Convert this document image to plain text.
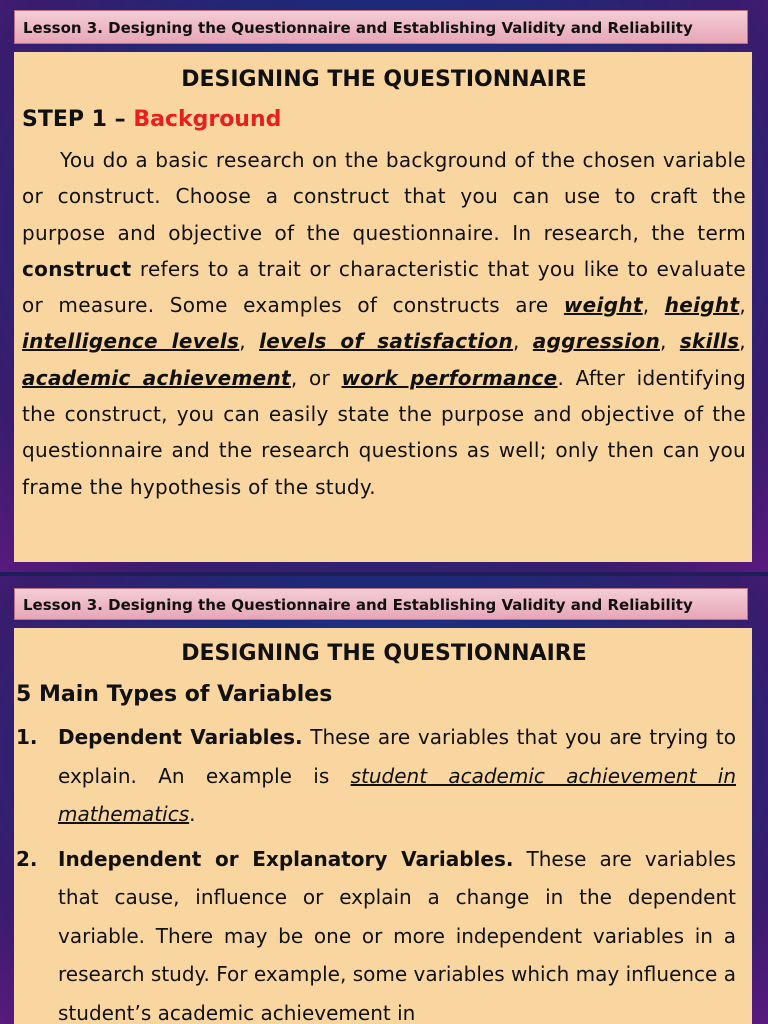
Lesson 3. Designing the Questionnaire and Establishing Validity and Reliability
DESIGNING THE QUESTIONNAIRE
STEP 1 – Background
You do a basic research on the background of the chosen variable or construct. Choose a construct that you can use to craft the purpose and objective of the questionnaire. In research, the term construct refers to a trait or characteristic that you like to evaluate or measure. Some examples of constructs are weight, height, intelligence levels, levels of satisfaction, aggression, skills, academic achievement, or work performance. After identifying the construct, you can easily state the purpose and objective of the questionnaire and the research questions as well; only then can you frame the hypothesis of the study.
Lesson 3. Designing the Questionnaire and Establishing Validity and Reliability
DESIGNING THE QUESTIONNAIRE
5 Main Types of Variables
1. Dependent Variables. These are variables that you are trying to explain. An example is student academic achievement in mathematics.
2. Independent or Explanatory Variables. These are variables that cause, influence or explain a change in the dependent variable. There may be one or more independent variables in a research study. For example, some variables which may influence a student’s academic achievement in
